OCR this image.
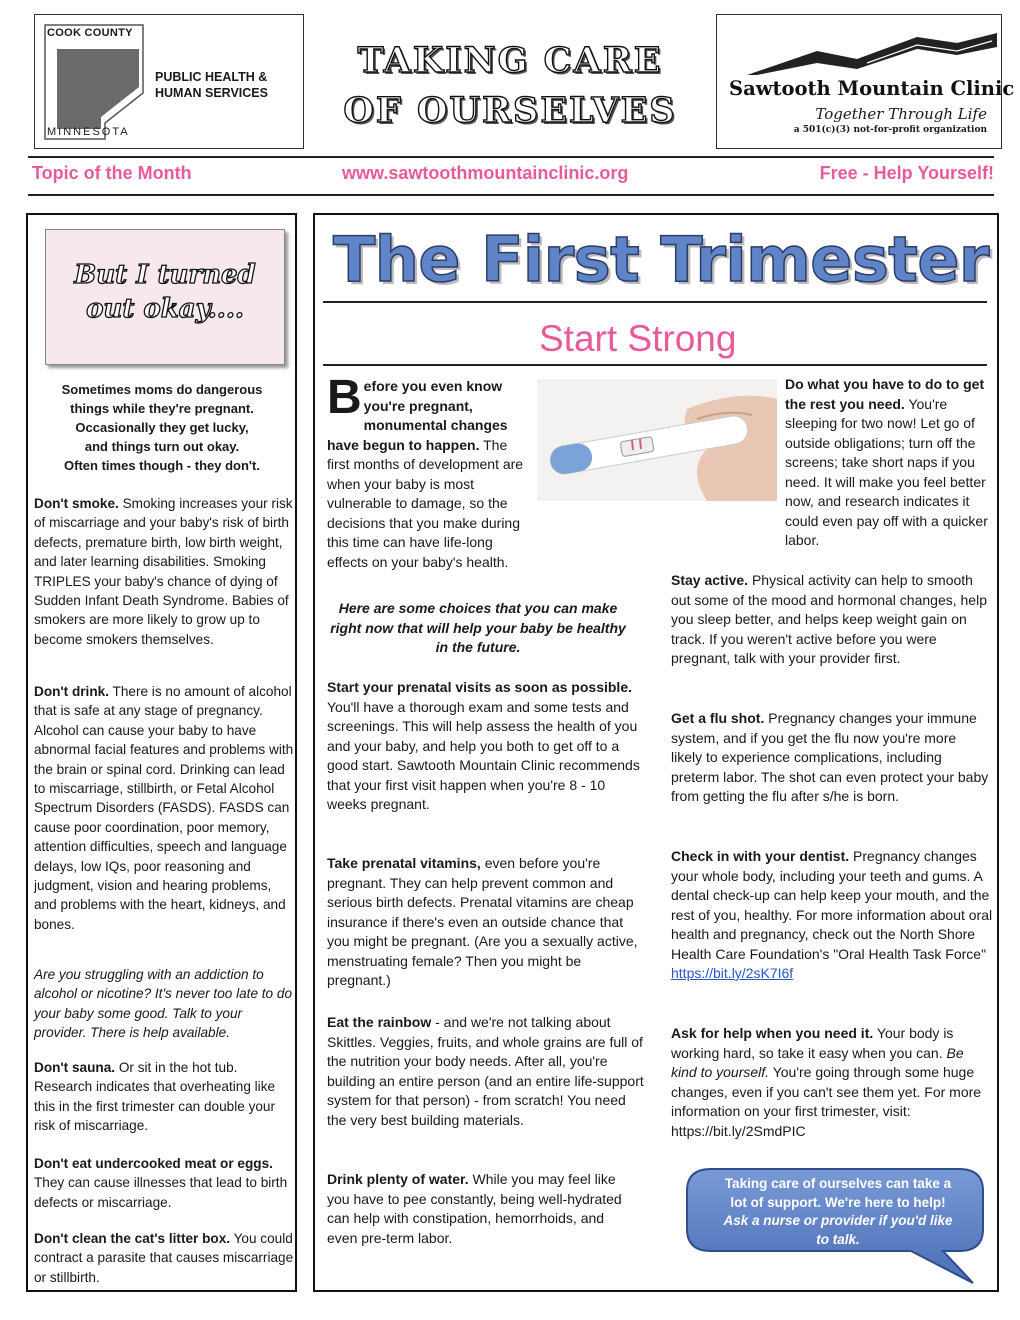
COOK COUNTY
PUBLIC HEALTH &
HUMAN SERVICES
MINNESOTA
TAKING CARE
OF OURSELVES
Sawtooth Mountain Clinic
Together Through Life
a 501(c)(3) not-for-profit organization
Topic of the Month	www.sawtoothmountainclinic.org	Free - Help Yourself!
But I turned
out okay....
Sometimes moms do dangerous
things while they're pregnant.
Occasionally they get lucky,
and things turn out okay.
Often times though - they don't.
Don't smoke. Smoking increases your risk of miscarriage and your baby's risk of birth defects, premature birth, low birth weight, and later learning disabilities. Smoking TRIPLES your baby's chance of dying of Sudden Infant Death Syndrome. Babies of smokers are more likely to grow up to become smokers themselves.
Don't drink. There is no amount of alcohol that is safe at any stage of pregnancy. Alcohol can cause your baby to have abnormal facial features and problems with the brain or spinal cord. Drinking can lead to miscarriage, stillbirth, or Fetal Alcohol Spectrum Disorders (FASDS). FASDS can cause poor coordination, poor memory, attention difficulties, speech and language delays, low IQs, poor reasoning and judgment, vision and hearing problems, and problems with the heart, kidneys, and bones.
Are you struggling with an addiction to alcohol or nicotine? It's never too late to do your baby some good. Talk to your provider. There is help available.
Don't sauna. Or sit in the hot tub. Research indicates that overheating like this in the first trimester can double your risk of miscarriage.
Don't eat undercooked meat or eggs. They can cause illnesses that lead to birth defects or miscarriage.
Don't clean the cat's litter box. You could contract a parasite that causes miscarriage or stillbirth.
The First Trimester
Start Strong
B efore you even know you're pregnant, monumental changes have begun to happen. The first months of development are when your baby is most vulnerable to damage, so the decisions that you make during this time can have life-long effects on your baby's health.
Here are some choices that you can make right now that will help your baby be healthy in the future.
Start your prenatal visits as soon as possible. You'll have a thorough exam and some tests and screenings. This will help assess the health of you and your baby, and help you both to get off to a good start. Sawtooth Mountain Clinic recommends that your first visit happen when you're 8 - 10 weeks pregnant.
Take prenatal vitamins, even before you're pregnant. They can help prevent common and serious birth defects. Prenatal vitamins are cheap insurance if there's even an outside chance that you might be pregnant. (Are you a sexually active, menstruating female? Then you might be pregnant.)
Eat the rainbow - and we're not talking about Skittles. Veggies, fruits, and whole grains are full of the nutrition your body needs. After all, you're building an entire person (and an entire life-support system for that person) - from scratch! You need the very best building materials.
Drink plenty of water. While you may feel like you have to pee constantly, being well-hydrated can help with constipation, hemorrhoids, and even pre-term labor.
Do what you have to do to get the rest you need. You're sleeping for two now! Let go of outside obligations; turn off the screens; take short naps if you need. It will make you feel better now, and research indicates it could even pay off with a quicker labor.
Stay active. Physical activity can help to smooth out some of the mood and hormonal changes, help you sleep better, and helps keep weight gain on track. If you weren't active before you were pregnant, talk with your provider first.
Get a flu shot. Pregnancy changes your immune system, and if you get the flu now you're more likely to experience complications, including preterm labor. The shot can even protect your baby from getting the flu after s/he is born.
Check in with your dentist. Pregnancy changes your whole body, including your teeth and gums. A dental check-up can help keep your mouth, and the rest of you, healthy. For more information about oral health and pregnancy, check out the North Shore Health Care Foundation's "Oral Health Task Force" https://bit.ly/2sK7I6f
Ask for help when you need it. Your body is working hard, so take it easy when you can. Be kind to yourself. You're going through some huge changes, even if you can't see them yet. For more information on your first trimester, visit: https://bit.ly/2SmdPIC
Taking care of ourselves can take a lot of support. We're here to help! Ask a nurse or provider if you'd like to talk.
